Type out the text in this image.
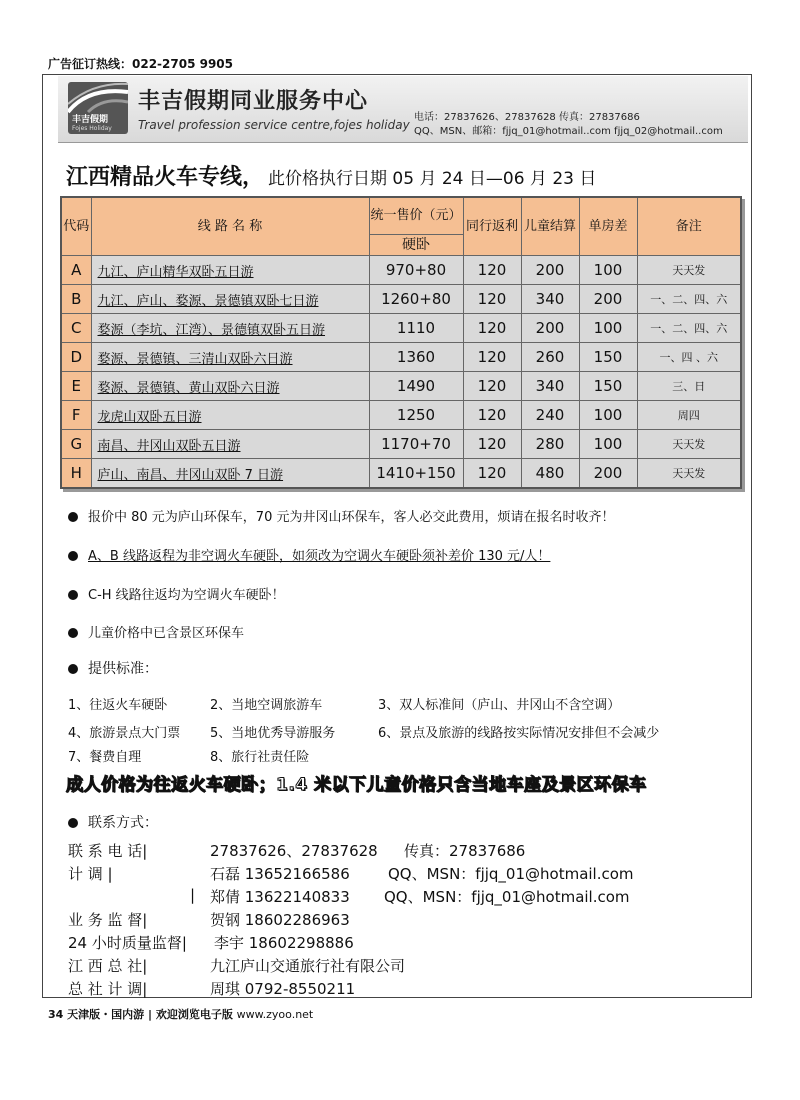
广告征订热线：022-2705 9905
丰吉假期
Fojes Holiday
丰吉假期同业服务中心
Travel profession service centre,fojes holiday
电话：27837626、27837628 传真：27837686
QQ、MSN、邮箱：fjjq_01@hotmail..com fjjq_02@hotmail..com
江西精品火车专线， 此价格执行日期 05 月 24 日—06 月 23 日
代码	线 路 名 称	统一售价（元）	同行返利	儿童结算	单房差	备注
		硬卧				
A	九江、庐山精华双卧五日游	970+80	120	200	100	天天发
B	九江、庐山、婺源、景德镇双卧七日游	1260+80	120	340	200	一、二、四、六
C	婺源（李坑、江湾）、景德镇双卧五日游	1110	120	200	100	一、二、四、六
D	婺源、景德镇、三清山双卧六日游	1360	120	260	150	一、四 、六
E	婺源、景德镇、黄山双卧六日游	1490	120	340	150	三、日
F	龙虎山双卧五日游	1250	120	240	100	周四
G	南昌、井冈山双卧五日游	1170+70	120	280	100	天天发
H	庐山、南昌、井冈山双卧 7 日游	1410+150	120	480	200	天天发
报价中 80 元为庐山环保车，70 元为井冈山环保车，客人必交此费用，烦请在报名时收齐！
A、B 线路返程为非空调火车硬卧，如须改为空调火车硬卧须补差价 130 元/人！
C-H 线路往返均为空调火车硬卧！
儿童价格中已含景区环保车
提供标准：
1、往返火车硬卧	2、当地空调旅游车	3、双人标准间（庐山、井冈山不含空调）
4、旅游景点大门票 5、当地优秀导游服务	6、景点及旅游的线路按实际情况安排但不会减少
7、餐费自理	8、旅行社责任险
成人价格为往返火车硬卧；1.4 米以下儿童价格只含当地车座及景区环保车
联系方式：
联 系 电 话|	27837626、27837628 传真：27837686
计 调 |	石磊 13652166586	QQ、MSN：fjjq_01@hotmail.com
| 郑倩 13622140833 QQ、MSN：fjjq_01@hotmail.com
业 务 监 督|	贺钢 18602286963
24 小时质量监督| 李宇 18602298886
江 西 总 社|	九江庐山交通旅行社有限公司
总 社 计 调|	周琪 0792-8550211
34 天津版・国内游 | 欢迎浏览电子版 www.zyoo.net
